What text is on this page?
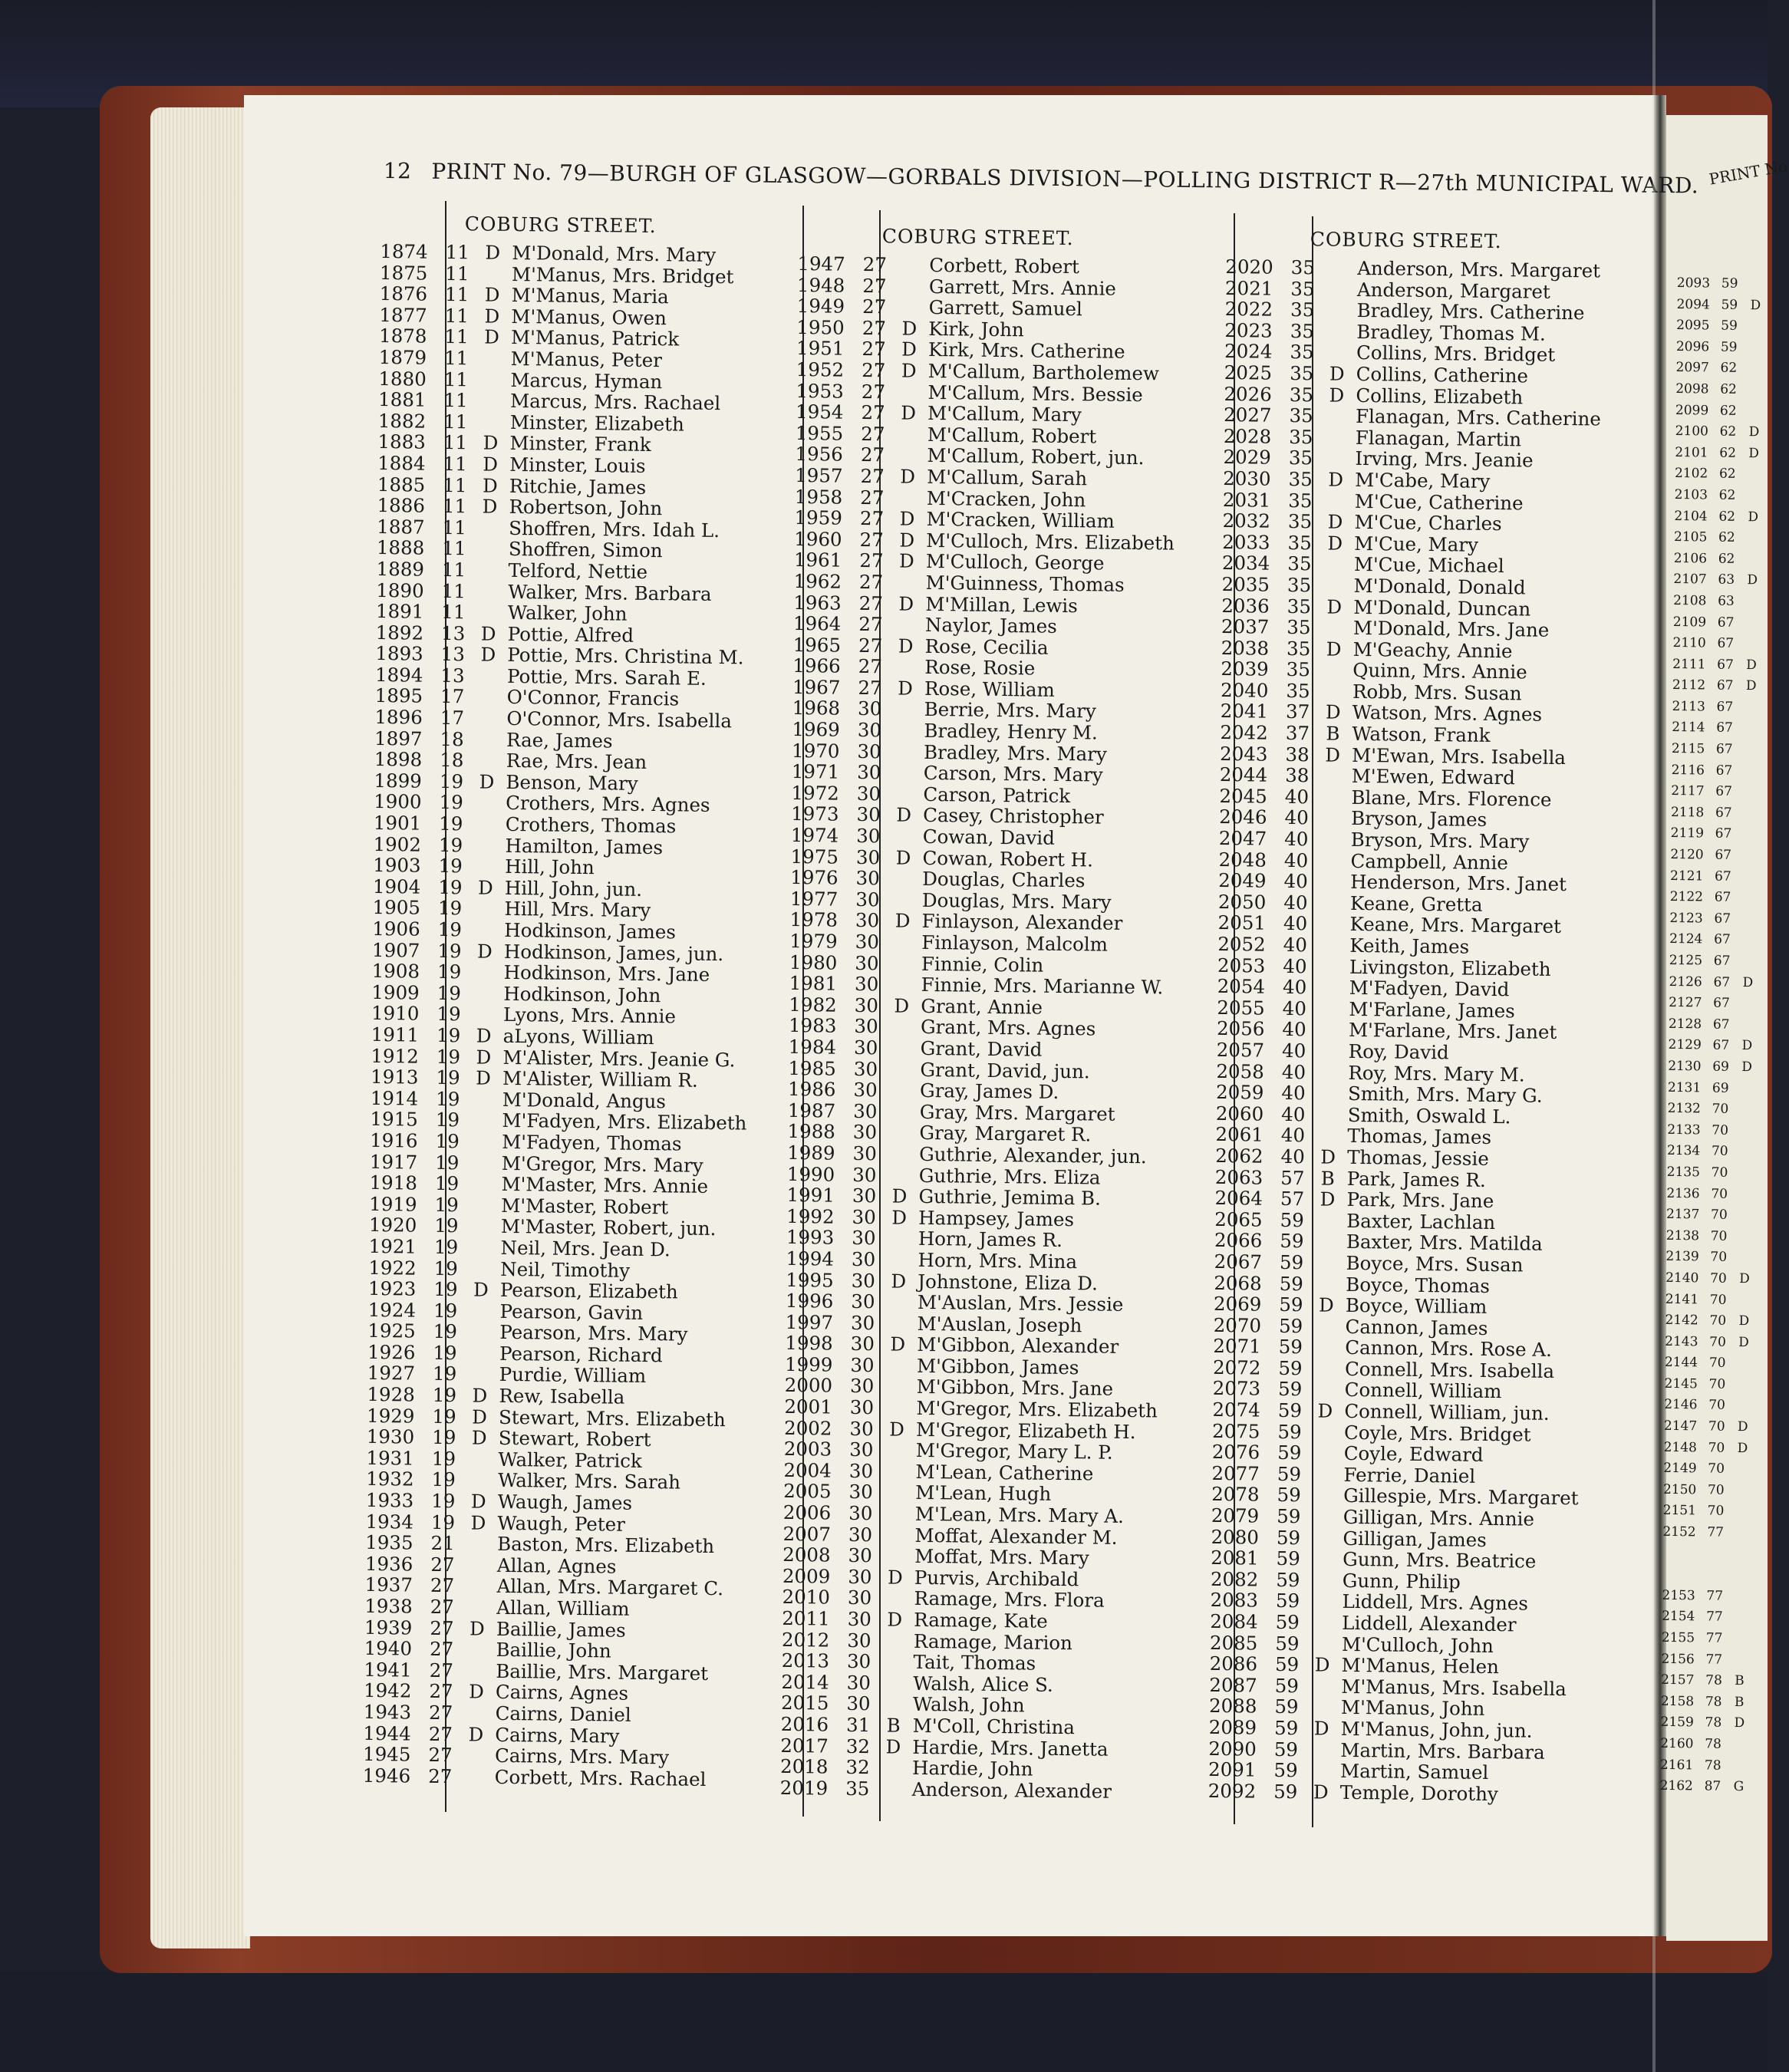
12 PRINT No. 79—BURGH OF GLASGOW—GORBALS DIVISION—POLLING DISTRICT R—27th MUNICIPAL WARD.
COBURG STREET.
1874 11 D M'Donald, Mrs. Mary
1875 11	M'Manus, Mrs. Bridget
1876 11 D M'Manus, Maria
1877 11 D M'Manus, Owen
1878 11 D M'Manus, Patrick
1879 11	M'Manus, Peter
1880 11	Marcus, Hyman
1881 11	Marcus, Mrs. Rachael
1882 11	Minster, Elizabeth
1883 11 D Minster, Frank
1884 11 D Minster, Louis
1885 11 D Ritchie, James
1886 11 D Robertson, John
1887 11	Shoffren, Mrs. Idah L.
1888 11	Shoffren, Simon
1889 11	Telford, Nettie
1890 11	Walker, Mrs. Barbara
1891 11	Walker, John
1892 13 D Pottie, Alfred
1893 13 D Pottie, Mrs. Christina M.
1894 13	Pottie, Mrs. Sarah E.
1895 17	O'Connor, Francis
1896 17	O'Connor, Mrs. Isabella
1897 18	Rae, James
1898 18	Rae, Mrs. Jean
1899 19 D Benson, Mary
1900 19	Crothers, Mrs. Agnes
1901 19	Crothers, Thomas
1902 19	Hamilton, James
1903 19	Hill, John
1904 19 D Hill, John, jun.
1905 19	Hill, Mrs. Mary
1906 19	Hodkinson, James
1907 19 D Hodkinson, James, jun.
1908 19	Hodkinson, Mrs. Jane
1909 19	Hodkinson, John
1910 19	Lyons, Mrs. Annie
1911 19 D aLyons, William
1912 19 D M'Alister, Mrs. Jeanie G.
1913 19 D M'Alister, William R.
1914 19	M'Donald, Angus
1915 19	M'Fadyen, Mrs. Elizabeth
1916 19	M'Fadyen, Thomas
1917 19	M'Gregor, Mrs. Mary
1918 19	M'Master, Mrs. Annie
1919 19	M'Master, Robert
1920 19	M'Master, Robert, jun.
1921 19	Neil, Mrs. Jean D.
1922 19	Neil, Timothy
1923 19 D Pearson, Elizabeth
1924 19	Pearson, Gavin
1925 19	Pearson, Mrs. Mary
1926 19	Pearson, Richard
1927 19	Purdie, William
1928 19 D Rew, Isabella
1929 19 D Stewart, Mrs. Elizabeth
1930 19 D Stewart, Robert
1931 19	Walker, Patrick
1932 19	Walker, Mrs. Sarah
1933 19 D Waugh, James
1934 19 D Waugh, Peter
1935 21	Baston, Mrs. Elizabeth
1936 27	Allan, Agnes
1937 27	Allan, Mrs. Margaret C.
1938 27	Allan, William
1939 27 D Baillie, James
1940 27	Baillie, John
1941 27	Baillie, Mrs. Margaret
1942 27 D Cairns, Agnes
1943 27	Cairns, Daniel
1944 27 D Cairns, Mary
1945 27	Cairns, Mrs. Mary
1946 27	Corbett, Mrs. Rachael
COBURG STREET.
1947 27	Corbett, Robert
1948 27	Garrett, Mrs. Annie
1949 27	Garrett, Samuel
1950 27 D Kirk, John
1951 27 D Kirk, Mrs. Catherine
1952 27 D M'Callum, Bartholemew
1953 27	M'Callum, Mrs. Bessie
1954 27 D M'Callum, Mary
1955 27	M'Callum, Robert
1956 27	M'Callum, Robert, jun.
1957 27 D M'Callum, Sarah
1958 27	M'Cracken, John
1959 27 D M'Cracken, William
1960 27 D M'Culloch, Mrs. Elizabeth
1961 27 D M'Culloch, George
1962 27	M'Guinness, Thomas
1963 27 D M'Millan, Lewis
1964 27	Naylor, James
1965 27 D Rose, Cecilia
1966 27	Rose, Rosie
1967 27 D Rose, William
1968 30	Berrie, Mrs. Mary
1969 30	Bradley, Henry M.
1970 30	Bradley, Mrs. Mary
1971 30	Carson, Mrs. Mary
1972 30	Carson, Patrick
1973 30 D Casey, Christopher
1974 30	Cowan, David
1975 30 D Cowan, Robert H.
1976 30	Douglas, Charles
1977 30	Douglas, Mrs. Mary
1978 30 D Finlayson, Alexander
1979 30	Finlayson, Malcolm
1980 30	Finnie, Colin
1981 30	Finnie, Mrs. Marianne W.
1982 30 D Grant, Annie
1983 30	Grant, Mrs. Agnes
1984 30	Grant, David
1985 30	Grant, David, jun.
1986 30	Gray, James D.
1987 30	Gray, Mrs. Margaret
1988 30	Gray, Margaret R.
1989 30	Guthrie, Alexander, jun.
1990 30	Guthrie, Mrs. Eliza
1991 30 D Guthrie, Jemima B.
1992 30 D Hampsey, James
1993 30	Horn, James R.
1994 30	Horn, Mrs. Mina
1995 30 D Johnstone, Eliza D.
1996 30	M'Auslan, Mrs. Jessie
1997 30	M'Auslan, Joseph
1998 30 D M'Gibbon, Alexander
1999 30	M'Gibbon, James
2000 30	M'Gibbon, Mrs. Jane
2001 30	M'Gregor, Mrs. Elizabeth
2002 30 D M'Gregor, Elizabeth H.
2003 30	M'Gregor, Mary L. P.
2004 30	M'Lean, Catherine
2005 30	M'Lean, Hugh
2006 30	M'Lean, Mrs. Mary A.
2007 30	Moffat, Alexander M.
2008 30	Moffat, Mrs. Mary
2009 30 D Purvis, Archibald
2010 30	Ramage, Mrs. Flora
2011 30 D Ramage, Kate
2012 30	Ramage, Marion
2013 30	Tait, Thomas
2014 30	Walsh, Alice S.
2015 30	Walsh, John
2016 31 B M'Coll, Christina
2017 32 D Hardie, Mrs. Janetta
2018 32	Hardie, John
2019 35	Anderson, Alexander
COBURG STREET.
2020 35	Anderson, Mrs. Margaret
2021 35	Anderson, Margaret
2022 35	Bradley, Mrs. Catherine
2023 35	Bradley, Thomas M.
2024 35	Collins, Mrs. Bridget
2025 35 D Collins, Catherine
2026 35 D Collins, Elizabeth
2027 35	Flanagan, Mrs. Catherine
2028 35	Flanagan, Martin
2029 35	Irving, Mrs. Jeanie
2030 35 D M'Cabe, Mary
2031 35	M'Cue, Catherine
2032 35 D M'Cue, Charles
2033 35 D M'Cue, Mary
2034 35	M'Cue, Michael
2035 35	M'Donald, Donald
2036 35 D M'Donald, Duncan
2037 35	M'Donald, Mrs. Jane
2038 35 D M'Geachy, Annie
2039 35	Quinn, Mrs. Annie
2040 35	Robb, Mrs. Susan
2041 37 D Watson, Mrs. Agnes
2042 37 B Watson, Frank
2043 38 D M'Ewan, Mrs. Isabella
2044 38	M'Ewen, Edward
2045 40	Blane, Mrs. Florence
2046 40	Bryson, James
2047 40	Bryson, Mrs. Mary
2048 40	Campbell, Annie
2049 40	Henderson, Mrs. Janet
2050 40	Keane, Gretta
2051 40	Keane, Mrs. Margaret
2052 40	Keith, James
2053 40	Livingston, Elizabeth
2054 40	M'Fadyen, David
2055 40	M'Farlane, James
2056 40	M'Farlane, Mrs. Janet
2057 40	Roy, David
2058 40	Roy, Mrs. Mary M.
2059 40	Smith, Mrs. Mary G.
2060 40	Smith, Oswald L.
2061 40	Thomas, James
2062 40 D Thomas, Jessie
2063 57 B Park, James R.
2064 57 D Park, Mrs. Jane
2065 59	Baxter, Lachlan
2066 59	Baxter, Mrs. Matilda
2067 59	Boyce, Mrs. Susan
2068 59	Boyce, Thomas
2069 59 D Boyce, William
2070 59	Cannon, James
2071 59	Cannon, Mrs. Rose A.
2072 59	Connell, Mrs. Isabella
2073 59	Connell, William
2074 59 D Connell, William, jun.
2075 59	Coyle, Mrs. Bridget
2076 59	Coyle, Edward
2077 59	Ferrie, Daniel
2078 59	Gillespie, Mrs. Margaret
2079 59	Gilligan, Mrs. Annie
2080 59	Gilligan, James
2081 59	Gunn, Mrs. Beatrice
2082 59	Gunn, Philip
2083 59	Liddell, Mrs. Agnes
2084 59	Liddell, Alexander
2085 59	M'Culloch, John
2086 59 D M'Manus, Helen
2087 59	M'Manus, Mrs. Isabella
2088 59	M'Manus, John
2089 59 D M'Manus, John, jun.
2090 59	Martin, Mrs. Barbara
2091 59	Martin, Samuel
2092 59 D Temple, Dorothy
PRINT No
2093 59
2094 59 D
2095 59
2096 59
2097 62
2098 62
2099 62
2100 62 D
2101 62 D
2102 62
2103 62
2104 62 D
2105 62
2106 62
2107 63 D
2108 63
2109 67
2110 67
2111 67 D
2112 67 D
2113 67
2114 67
2115 67
2116 67
2117 67
2118 67
2119 67
2120 67
2121 67
2122 67
2123 67
2124 67
2125 67
2126 67 D
2127 67
2128 67
2129 67 D
2130 69 D
2131 69
2132 70
2133 70
2134 70
2135 70
2136 70
2137 70
2138 70
2139 70
2140 70 D
2141 70
2142 70 D
2143 70 D
2144 70
2145 70
2146 70
2147 70 D
2148 70 D
2149 70
2150 70
2151 70
2152 77
2153 77
2154 77
2155 77
2156 77
2157 78 B
2158 78 B
2159 78 D
2160 78
2161 78
2162 87 G
